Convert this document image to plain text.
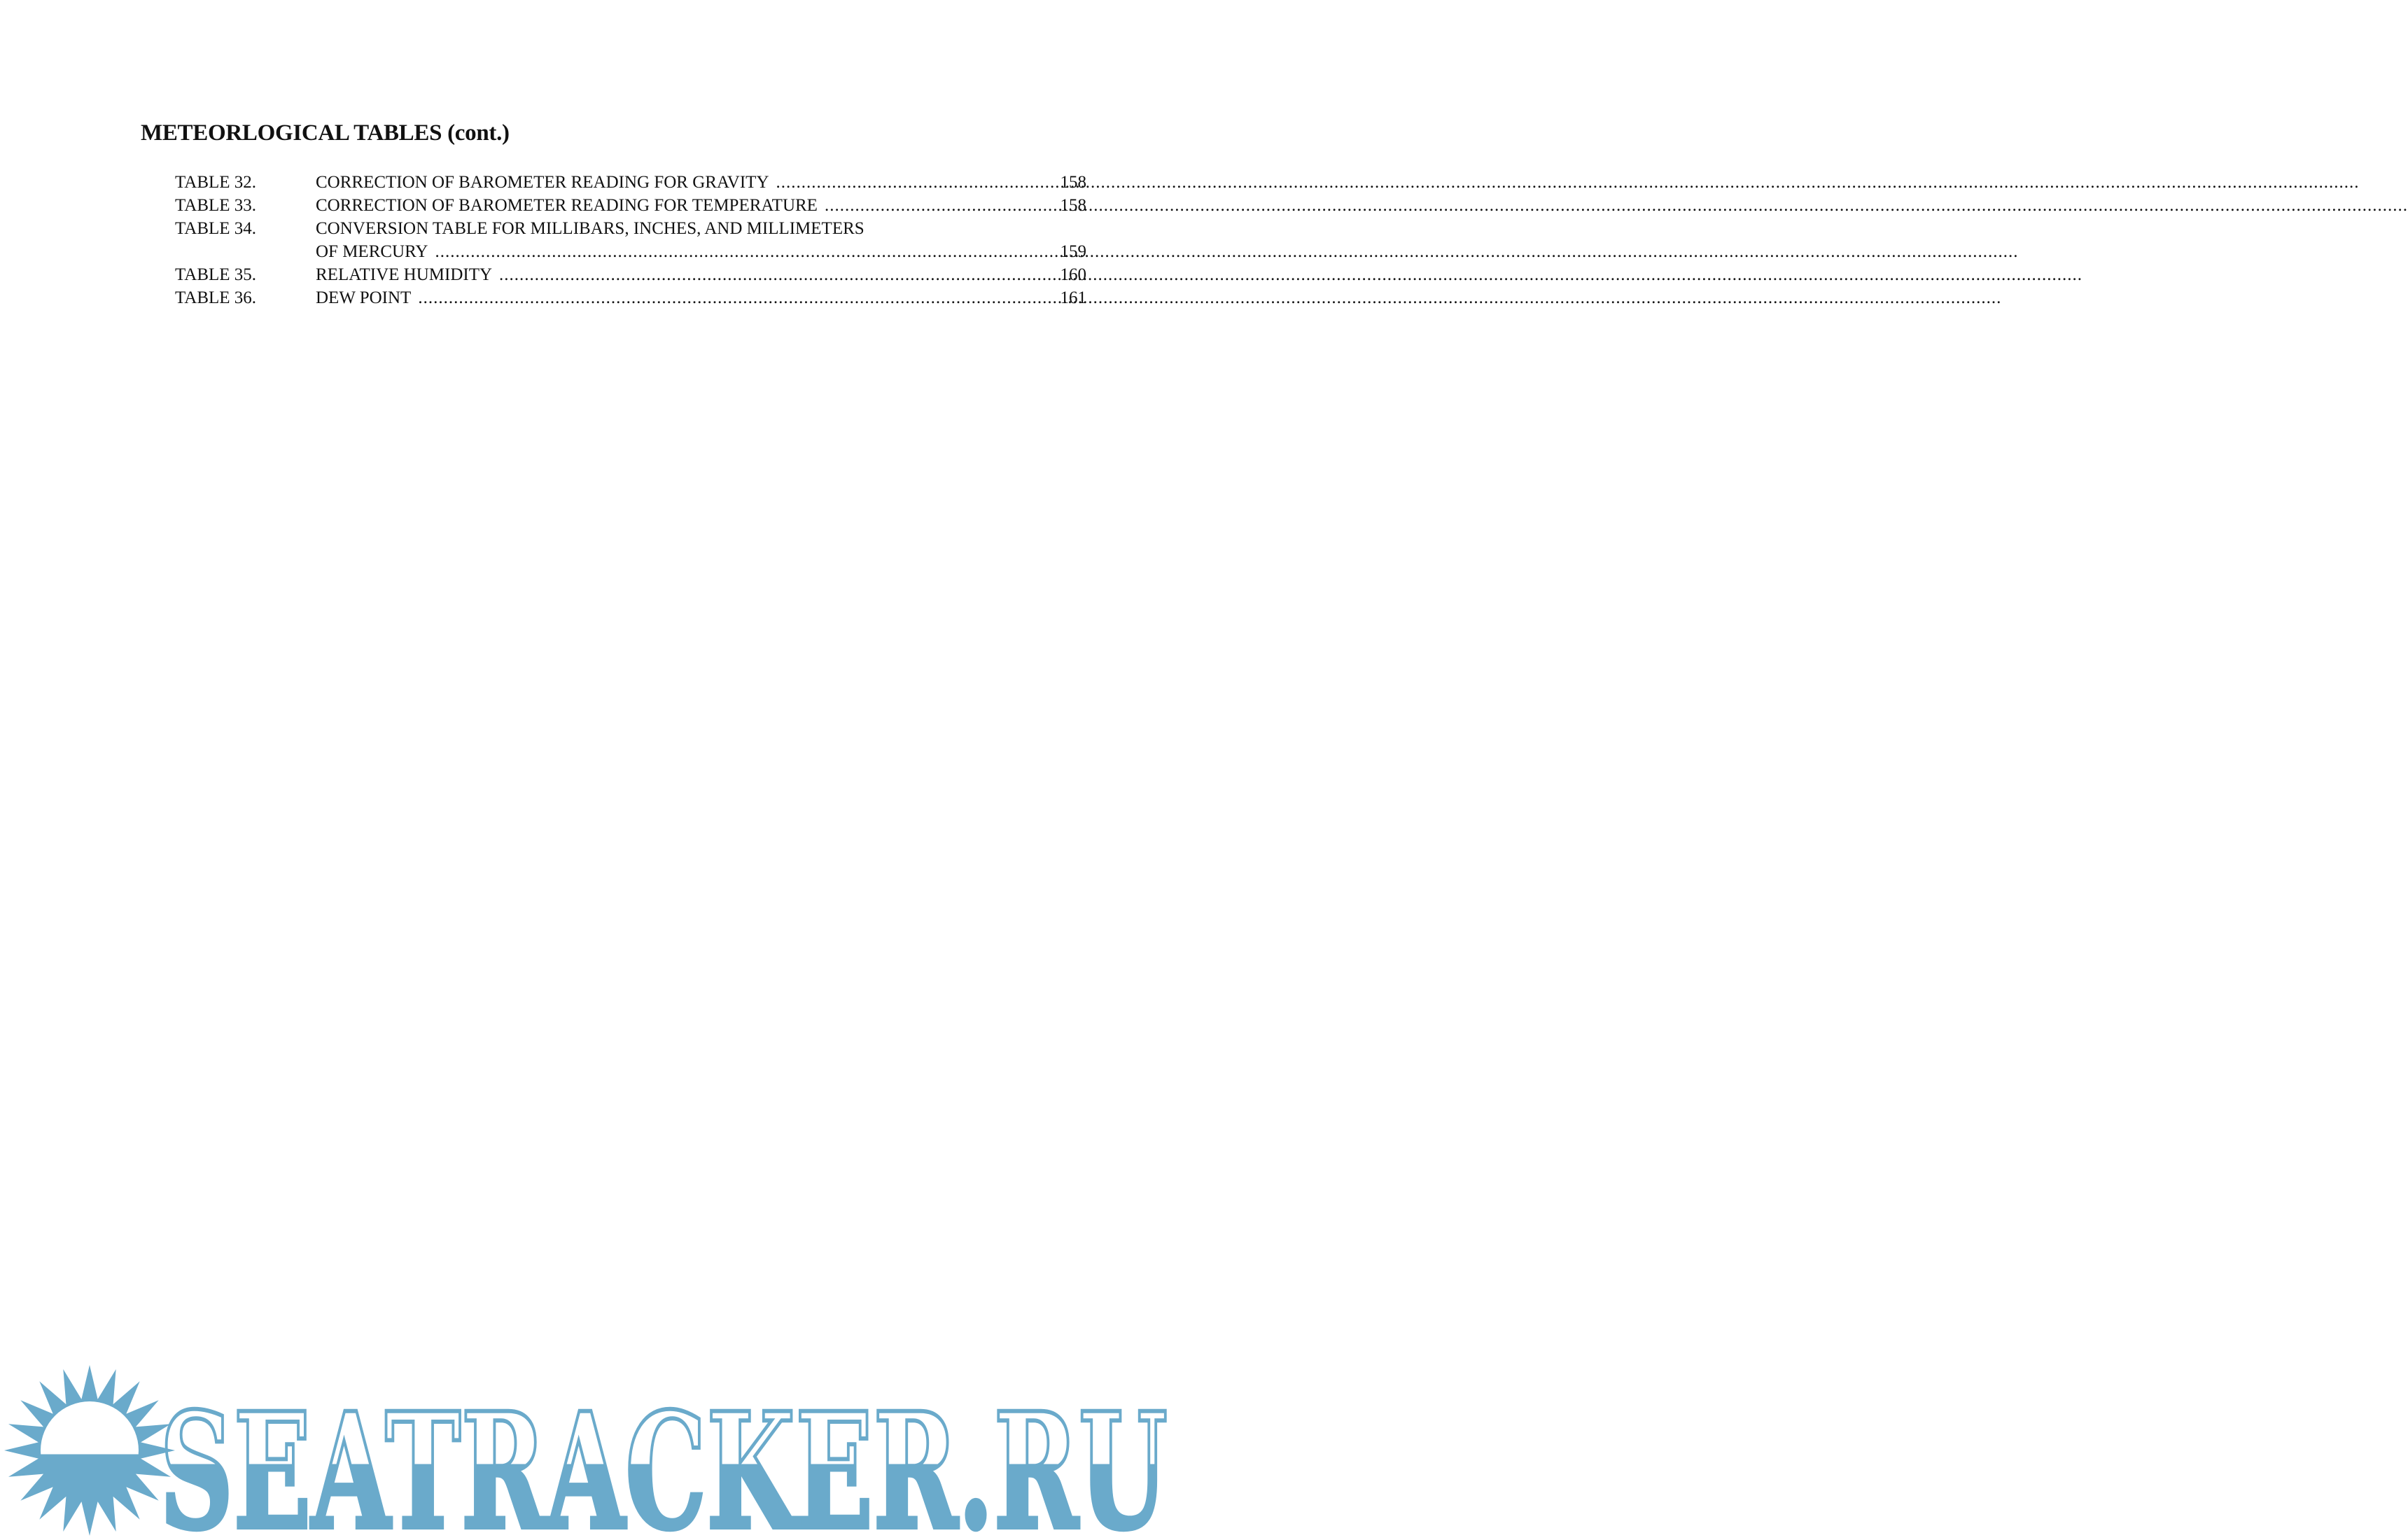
METEORLOGICAL TABLES (cont.)
TABLE 32.	CORRECTION OF BAROMETER READING FOR GRAVITY .....	158
TABLE 33.	CORRECTION OF BAROMETER READING FOR TEMPERATURE .....	158
TABLE 34.	CONVERSION TABLE FOR MILLIBARS, INCHES, AND MILLIMETERS
OF MERCURY .....	159
TABLE 35.	RELATIVE HUMIDITY .....	160
TABLE 36.	DEW POINT .....	161
SEATRACKER.RU
